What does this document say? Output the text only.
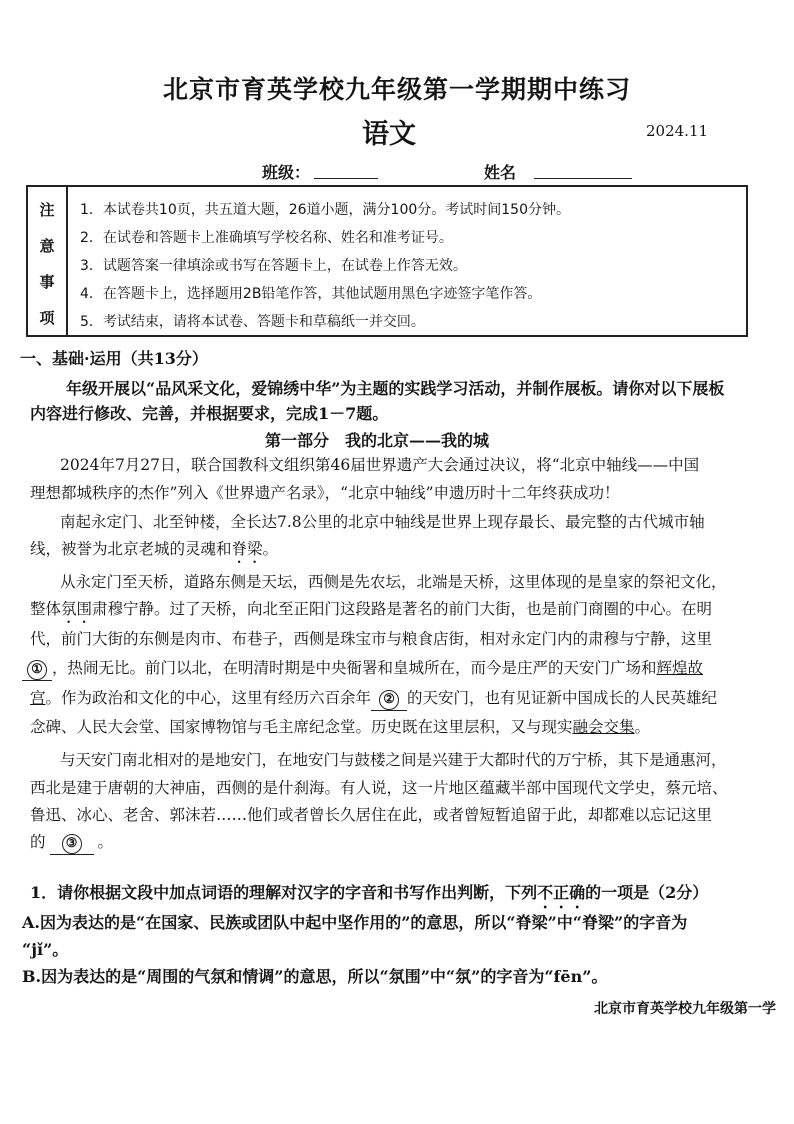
北京市育英学校九年级第一学期期中练习
语文	2024.11
班级：	姓名
注
意
事
项
1．本试卷共10页，共五道大题，26道小题，满分100分。考试时间150分钟。
2．在试卷和答题卡上准确填写学校名称、姓名和准考证号。
3．试题答案一律填涂或书写在答题卡上，在试卷上作答无效。
4．在答题卡上，选择题用2B铅笔作答，其他试题用黑色字迹签字笔作答。
5．考试结束，请将本试卷、答题卡和草稿纸一并交回。
一、基础·运用（共13分）
年级开展以“品风采文化，爱锦绣中华”为主题的实践学习活动，并制作展板。请你对以下展板
内容进行修改、完善，并根据要求，完成1－7题。
第一部分　我的北京——我的城
2024年7月27日，联合国教科文组织第46届世界遗产大会通过决议，将“北京中轴线——中国
理想都城秩序的杰作”列入《世界遗产名录》，“北京中轴线”申遗历时十二年终获成功！
南起永定门、北至钟楼，全长达7.8公里的北京中轴线是世界上现存最长、最完整的古代城市轴
线，被誉为北京老城的灵魂和脊梁。
从永定门至天桥，道路东侧是天坛，西侧是先农坛，北端是天桥，这里体现的是皇家的祭祀文化，
整体氛围肃穆宁静。过了天桥，向北至正阳门这段路是著名的前门大街，也是前门商圈的中心。在明
代，前门大街的东侧是肉市、布巷子，西侧是珠宝市与粮食店街，相对永定门内的肃穆与宁静，这里
① ，热闹无比。前门以北，在明清时期是中央衙署和皇城所在，而今是庄严的天安门广场和辉煌故
宫。作为政治和文化的中心，这里有经历六百余年 ② 的天安门，也有见证新中国成长的人民英雄纪
念碑、人民大会堂、国家博物馆与毛主席纪念堂。历史既在这里层积，又与现实融会交集。
与天安门南北相对的是地安门，在地安门与鼓楼之间是兴建于大都时代的万宁桥，其下是通惠河，
西北是建于唐朝的大神庙，西侧的是什刹海。有人说，这一片地区蕴藏半部中国现代文学史，蔡元培、
鲁迅、冰心、老舍、郭沫若……他们或者曾长久居住在此，或者曾短暂追留于此，却都难以忘记这里
的 ③ 。
1．请你根据文段中加点词语的理解对汉字的字音和书写作出判断，下列不正确的一项是（2分）
A.因为表达的是“在国家、民族或团队中起中坚作用的”的意思，所以“脊梁”中“脊梁”的字音为
“jǐ”。
B.因为表达的是“周围的气氛和情调”的意思，所以“氛围”中“氛”的字音为“fēn”。
北京市育英学校九年级第一学
